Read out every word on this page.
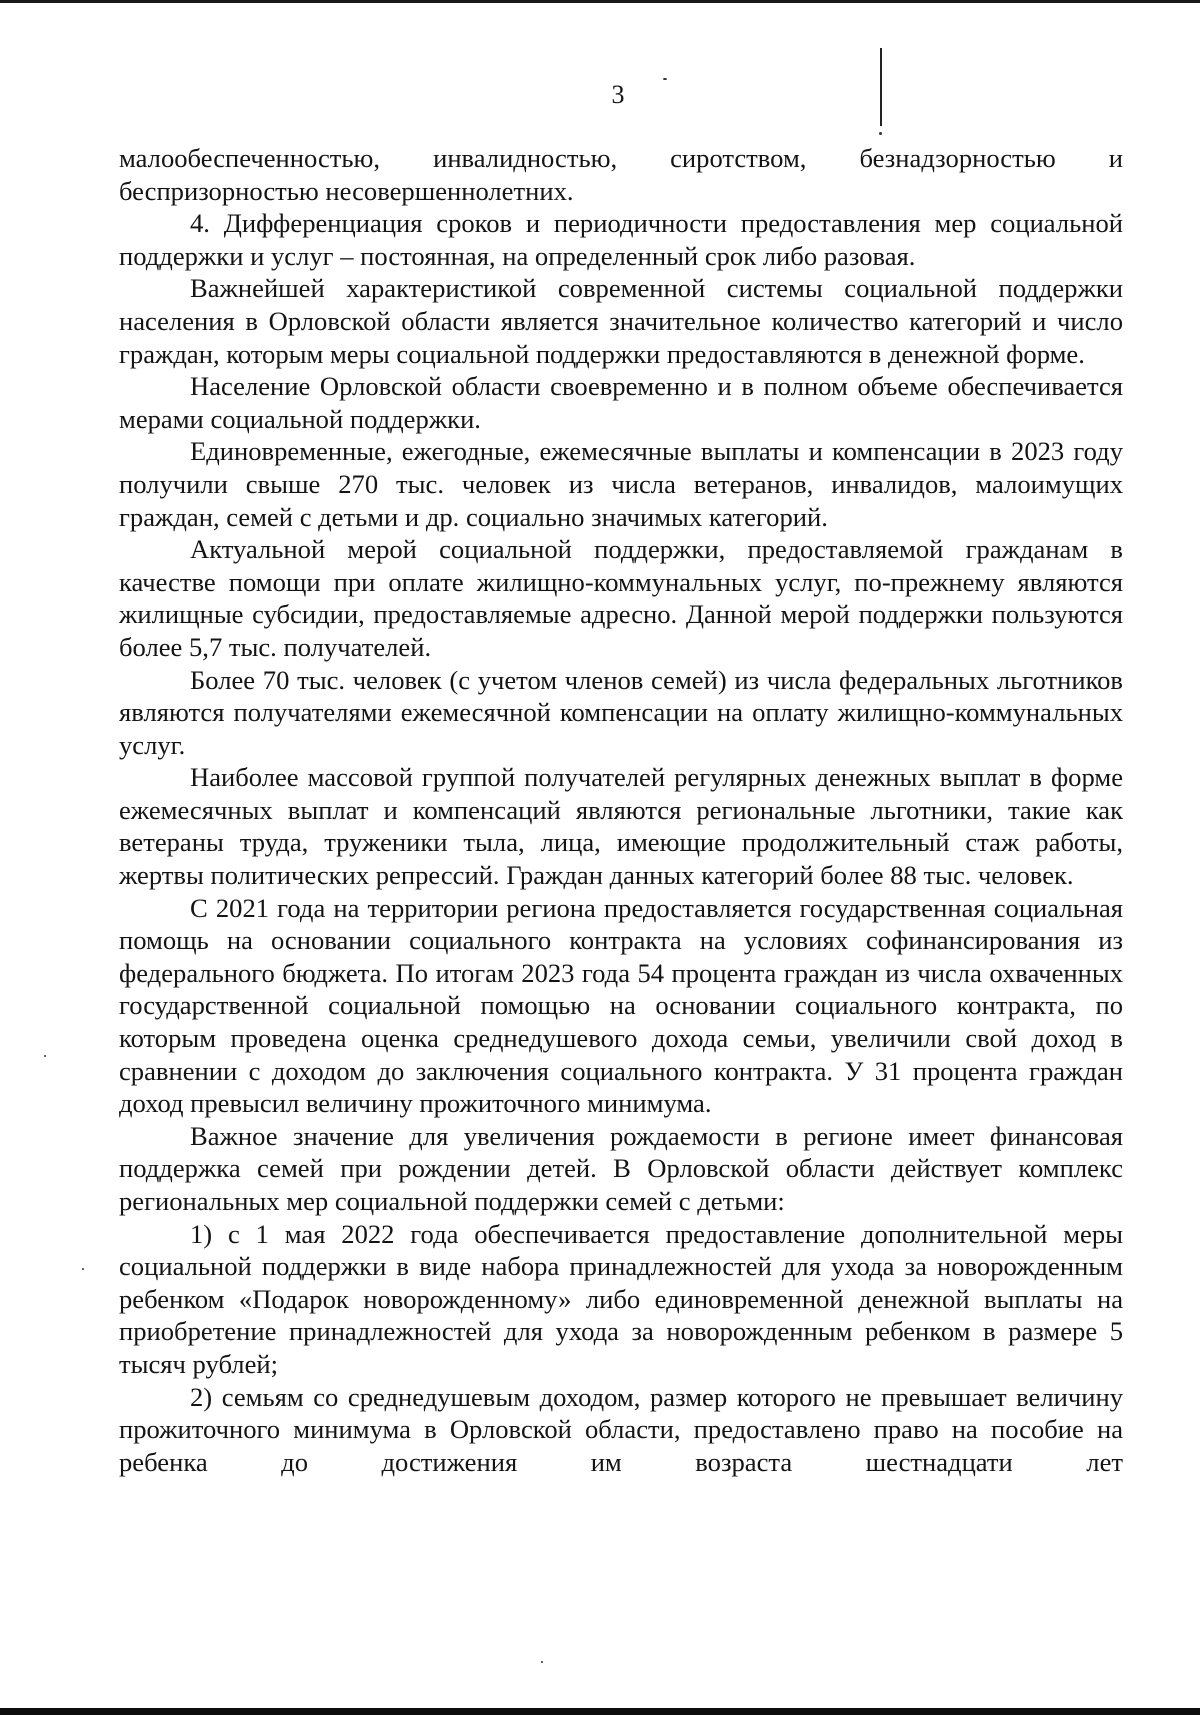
3

малообеспеченностью, инвалидностью, сиротством, безнадзорностью и беспризорностью несовершеннолетних.

4. Дифференциация сроков и периодичности предоставления мер социальной поддержки и услуг – постоянная, на определенный срок либо разовая.

Важнейшей характеристикой современной системы социальной поддержки населения в Орловской области является значительное количество категорий и число граждан, которым меры социальной поддержки предоставляются в денежной форме.

Население Орловской области своевременно и в полном объеме обеспечивается мерами социальной поддержки.

Единовременные, ежегодные, ежемесячные выплаты и компенсации в 2023 году получили свыше 270 тыс. человек из числа ветеранов, инвалидов, малоимущих граждан, семей с детьми и др. социально значимых категорий.

Актуальной мерой социальной поддержки, предоставляемой гражданам в качестве помощи при оплате жилищно-коммунальных услуг, по-прежнему являются жилищные субсидии, предоставляемые адресно. Данной мерой поддержки пользуются более 5,7 тыс. получателей.

Более 70 тыс. человек (с учетом членов семей) из числа федеральных льготников являются получателями ежемесячной компенсации на оплату жилищно-коммунальных услуг.

Наиболее массовой группой получателей регулярных денежных выплат в форме ежемесячных выплат и компенсаций являются региональные льготники, такие как ветераны труда, труженики тыла, лица, имеющие продолжительный стаж работы, жертвы политических репрессий. Граждан данных категорий более 88 тыс. человек.

С 2021 года на территории региона предоставляется государственная социальная помощь на основании социального контракта на условиях софинансирования из федерального бюджета. По итогам 2023 года 54 процента граждан из числа охваченных государственной социальной помощью на основании социального контракта, по которым проведена оценка среднедушевого дохода семьи, увеличили свой доход в сравнении с доходом до заключения социального контракта. У 31 процента граждан доход превысил величину прожиточного минимума.

Важное значение для увеличения рождаемости в регионе имеет финансовая поддержка семей при рождении детей. В Орловской области действует комплекс региональных мер социальной поддержки семей с детьми:

1) с 1 мая 2022 года обеспечивается предоставление дополнительной меры социальной поддержки в виде набора принадлежностей для ухода за новорожденным ребенком «Подарок новорожденному» либо единовременной денежной выплаты на приобретение принадлежностей для ухода за новорожденным ребенком в размере 5 тысяч рублей;

2) семьям со среднедушевым доходом, размер которого не превышает величину прожиточного минимума в Орловской области, предоставлено право на пособие на ребенка до достижения им возраста шестнадцати лет
